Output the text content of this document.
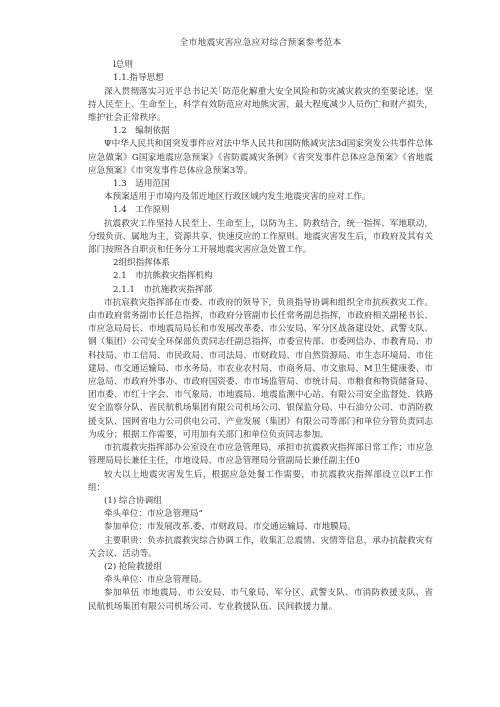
全市地震灾害应急应对综合预案参考范本
l总则
1.1.指导思想
深入贯彻落实习近平总书记关｢防范化解重大安全风险和防灾减灾救灾的至要论述，坚持人民至上、生命至上，科学有效防范应对地熊灾害，最大程度减少人员伤亡和财产损失，维护社会正常秩序。
1.2　编制依据
Ψ中华人民共和国突发事件应对法中华人民共和国防熊减灾法3d国家突发公共事件总体应急做案》G国家地震应急预案》《省防震减灾条例》《省突发事件总体应急预案》《省地震应急预案》《市突发事件总体应急预案3等。
1.3　适用范国
本预案适用于市境内及邻近地区行政区域内发生地震灾害的应对工作。
1.4　工作原则
抗震救灾工作坚持人民至上、生命至上，以防为主、防救结合，统一指挥、军地联动，分级负贡、属地为主，资源共享、快速反应的工作原则。地震灾害发生后，市政府及其有关部门按照各自职贡和任务分工开展地震灾害应急处置工作。
2组织指挥体系
2.1　市抗熊救灾指挥机构
2.1.1　市抗施救灾指挥部
市抗宸救灾指挥部在市委、市政府的领导下，负贵指导协调和组织全市抗疾救灾工作。由市政府常务副市长任总指挥，市政府分管副市长任常务副总指挥，市政府相关副秘书长、市应急局局长、市地震局局长和市发展改革委、市公安局、军分区战备建设处、武警支队、钢（集团）公司安全环保部负责同志任副总指挥，市委宣传部、市委网信办、市教育局、市科技局、市工信局、市民政局、市司法局、市财政局、市自然资源局、市生态环境局、市住建局、市交通运输局、市水务局、市农业农村局、市商务局、市文旅局、M卫生健康委、市应急局、市政府外事办、市政府国资委、市市场监管局、市统计局、市粮食和物资储备局、团市委、市红十字会、市气象局、市地震局、地震监测中心站、有限公司安全监督处、铁路安全监察分队、省民航机场集团有限公司机场公司、银保监分局、中石油分公司、市消防救援支队、国网省电力公司供电公司、产业发展（集团）有限公司等部门和单位分管负责同志为成分；根据工作需要，可用加有关部门和单位负贡同志参加。
市抗震救灾指挥部办公室设在市应急管理局，承担市抗震救灾指挥部日常工作；市应急管理局局长兼任主任，市地设局、市应急管理局分管副局长兼任副主任0
较大以上地震灾害发生后，根据应急处餐工作需要，市抗震救灾指挥部设立以F工作组：
(1) 综合协调组
牵头单位：市应急管理局“
参加单位：市发展改革.委、市财政局、市交通运输局、市地膜局。
主要职贵：负赤抗震救灾综合协调工作，收集汇总震情、灾情等信息，承办抗靛救灾有关会议、活动等。
(2) 抢险救援组
牵头单位：市应急管理局。
参加单伍 市地震局、市公安局、市气象局、军分区、武警支队、市消防救援支队、省民航机场集团有限公司机场公司、专业救援队伍、民间救援力量。
